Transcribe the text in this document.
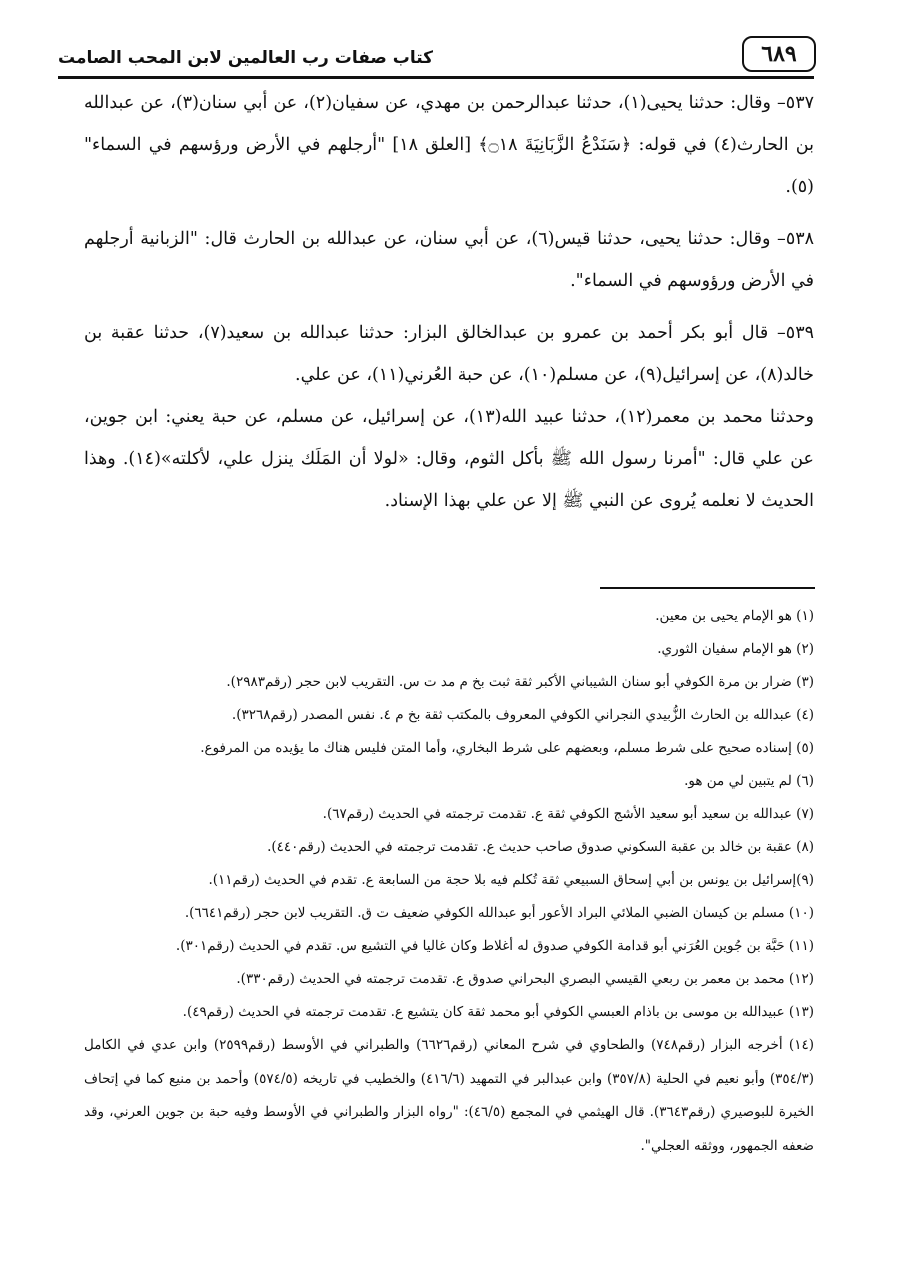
٦٨٩
كتاب صفات رب العالمين لابن المحب الصامت

٥٣٧– وقال: حدثنا يحيى(١)، حدثنا عبدالرحمن بن مهدي، عن سفيان(٢)، عن أبي سنان(٣)، عن عبدالله بن الحارث(٤) في قوله: ﴿سَنَدْعُ الزَّبَانِيَةَ ۝١٨﴾ [العلق ١٨] "أرجلهم في الأرض ورؤسهم في السماء"(٥).

٥٣٨– وقال: حدثنا يحيى، حدثنا قيس(٦)، عن أبي سنان، عن عبدالله بن الحارث قال: "الزبانية أرجلهم في الأرض ورؤوسهم في السماء".

٥٣٩– قال أبو بكر أحمد بن عمرو بن عبدالخالق البزار: حدثنا عبدالله بن سعيد(٧)، حدثنا عقبة بن خالد(٨)، عن إسرائيل(٩)، عن مسلم(١٠)، عن حبة العُرني(١١)، عن علي.

وحدثنا محمد بن معمر(١٢)، حدثنا عبيد الله(١٣)، عن إسرائيل، عن مسلم، عن حبة يعني: ابن جوين، عن علي قال: "أمرنا رسول الله ﷺ بأكل الثوم، وقال: «لولا أن المَلَك ينزل علي، لأكلته»(١٤). وهذا الحديث لا نعلمه يُروى عن النبي ﷺ إلا عن علي بهذا الإسناد.

(١) هو الإمام يحيى بن معين.

(٢) هو الإمام سفيان الثوري.

(٣) ضرار بن مرة الكوفي أبو سنان الشيباني الأكبر ثقة ثبت بخ م مد ت س. التقريب لابن حجر (رقم٢٩٨٣).

(٤) عبدالله بن الحارث الزُّبيدي النجراني الكوفي المعروف بالمكتب ثقة بخ م ٤. نفس المصدر (رقم٣٢٦٨).

(٥) إسناده صحيح على شرط مسلم، وبعضهم على شرط البخاري، وأما المتن فليس هناك ما يؤيده من المرفوع.

(٦) لم يتبين لي من هو.

(٧) عبدالله بن سعيد أبو سعيد الأشج الكوفي ثقة ع. تقدمت ترجمته في الحديث (رقم٦٧).

(٨) عقبة بن خالد بن عقبة السكوني صدوق صاحب حديث ع. تقدمت ترجمته في الحديث (رقم٤٤٠).

(٩)إسرائيل بن يونس بن أبي إسحاق السبيعي ثقة تُكلم فيه بلا حجة من السابعة ع. تقدم في الحديث (رقم١١).

(١٠) مسلم بن كيسان الضبي الملائي البراد الأعور أبو عبدالله الكوفي ضعيف ت ق. التقريب لابن حجر (رقم٦٦٤١).

(١١) حَبَّة بن جُوين العُرَني أبو قدامة الكوفي صدوق له أغلاط وكان غاليا في التشيع س. تقدم في الحديث (رقم٣٠١).

(١٢) محمد بن معمر بن ربعي القيسي البصري البحراني صدوق ع. تقدمت ترجمته في الحديث (رقم٣٣٠).

(١٣) عبيدالله بن موسى بن باذام العبسي الكوفي أبو محمد ثقة كان يتشيع ع. تقدمت ترجمته في الحديث (رقم٤٩).

(١٤) أخرجه البزار (رقم٧٤٨) والطحاوي في شرح المعاني (رقم٦٦٢٦) والطبراني في الأوسط (رقم٢٥٩٩) وابن عدي في الكامل (٣٥٤/٣) وأبو نعيم في الحلية (٣٥٧/٨) وابن عبدالبر في التمهيد (٤١٦/٦) والخطيب في تاريخه (٥٧٤/٥) وأحمد بن منيع كما في إتحاف الخيرة للبوصيري (رقم٣٦٤٣). قال الهيثمي في المجمع (٤٦/٥): "رواه البزار والطبراني في الأوسط وفيه حبة بن جوين العرني، وقد ضعفه الجمهور، ووثقه العجلي".
